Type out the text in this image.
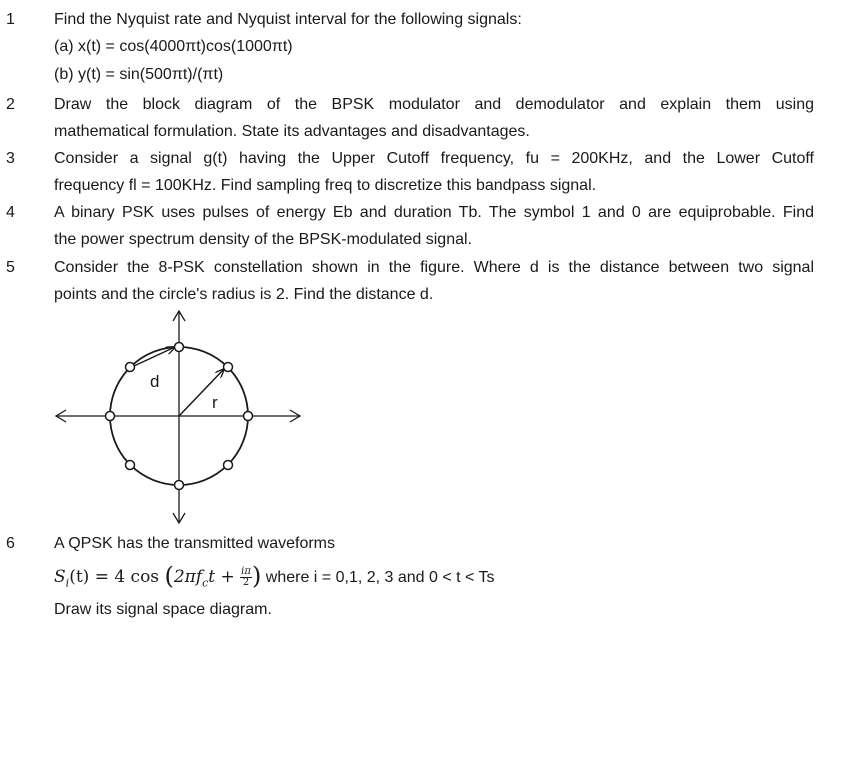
1	Find the Nyquist rate and Nyquist interval for the following signals:
(a) x(t) = cos(4000πt)cos(1000πt)
(b) y(t) = sin(500πt)/(πt)
2	Draw the block diagram of the BPSK modulator and demodulator and explain them using
mathematical formulation. State its advantages and disadvantages.
3	Consider a signal g(t) having the Upper Cutoff frequency, fu = 200KHz, and the Lower Cutoff
frequency fl = 100KHz. Find sampling freq to discretize this bandpass signal.
4	A binary PSK uses pulses of energy Eb and duration Tb. The symbol 1 and 0 are equiprobable. Find
the power spectrum density of the BPSK-modulated signal.
5	Consider the 8-PSK constellation shown in the figure. Where d is the distance between two signal
points and the circle's radius is 2. Find the distance d.
d
r
6	A QPSK has the transmitted waveforms
$S_i(t) = 4$ $\cos (2\pi f_ct + \frac{i\pi}{2}$ ) where i = 0,1, 2, 3 and 0 < t < Ts
Draw its signal space diagram.
